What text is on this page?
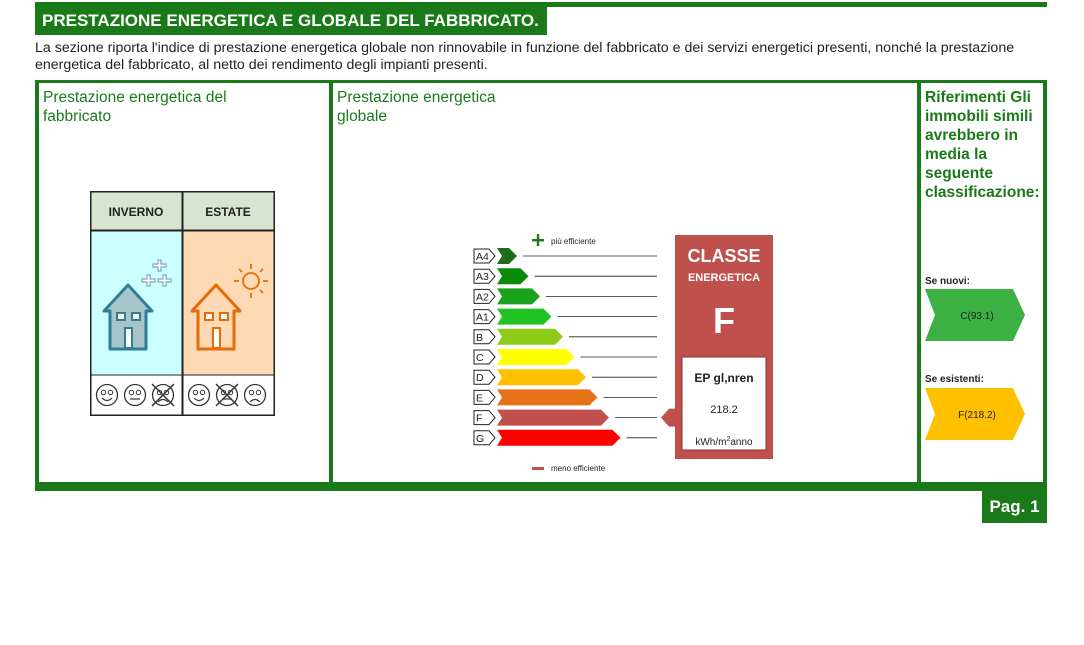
PRESTAZIONE ENERGETICA E GLOBALE DEL FABBRICATO.
La sezione riporta l'indice di prestazione energetica globale non rinnovabile in funzione del fabbricato e dei servizi energetici presenti, nonché la prestazione energetica del fabbricato, al netto dei rendimento degli impianti presenti.
Prestazione energetica del fabbricato
INVERNO	ESTATE
Prestazione energetica globale
più efficiente
A4
A3
A2
A1
B
C
D
E
F
G
meno efficiente
CLASSE
ENERGETICA
F
EP gl,nren
218.2
kWh/$m^2anno$
Riferimenti Gli immobili simili avrebbero in media la seguente classificazione:
Se nuovi:
C(93.1)
Se esistenti:
F(218.2)
Pag. 1
